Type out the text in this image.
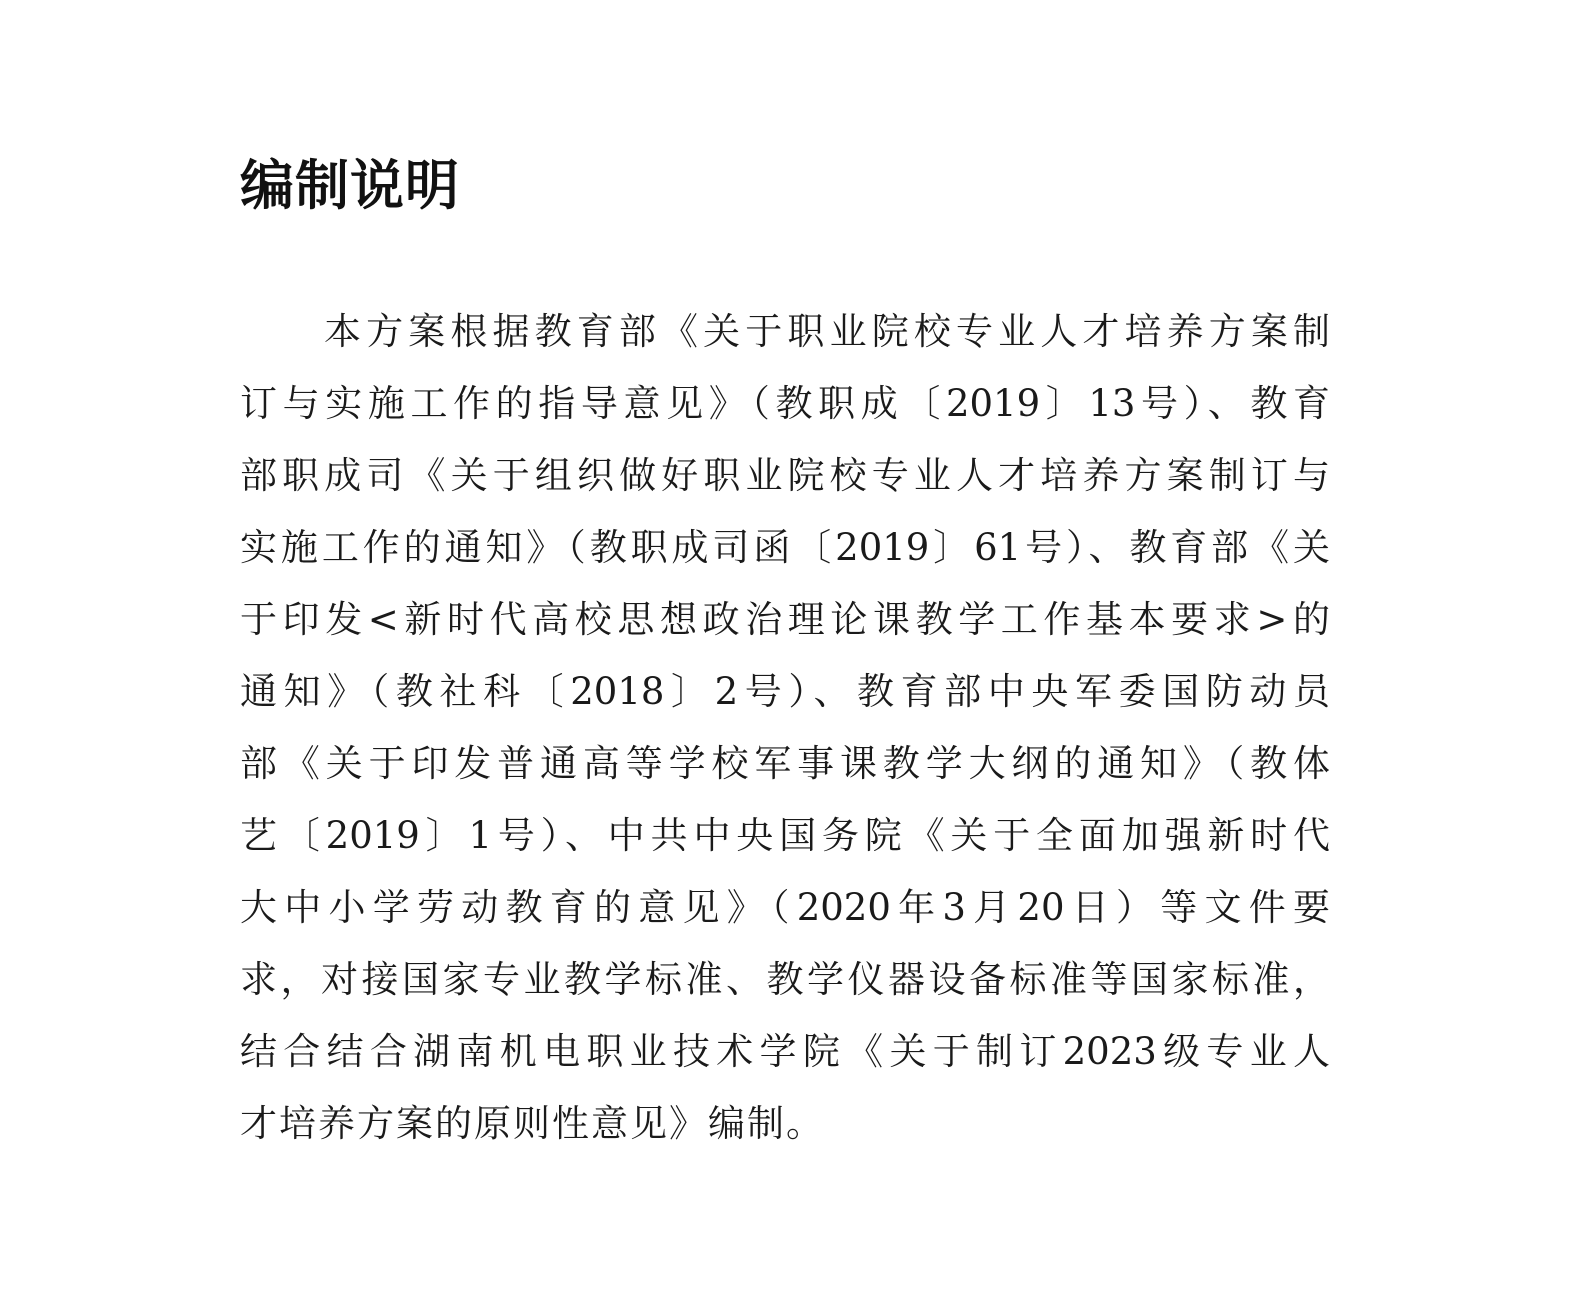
编制说明
本方案根据教育部《关于职业院校专业人才培养方案制
订与实施工作的指导意见》（教职成〔2019〕13号）、教育
部职成司《关于组织做好职业院校专业人才培养方案制订与
实施工作的通知》（教职成司函〔2019〕61号）、教育部《关
于印发<新时代高校思想政治理论课教学工作基本要求>的
通知》（教社科〔2018〕2号）、教育部中央军委国防动员
部《关于印发普通高等学校军事课教学大纲的通知》（教体
艺〔2019〕1号）、中共中央国务院《关于全面加强新时代
大中小学劳动教育的意见》（2020年3月20日）等文件要
求，对接国家专业教学标准、教学仪器设备标准等国家标准，
结合结合湖南机电职业技术学院《关于制订2023级专业人
才培养方案的原则性意见》编制。
